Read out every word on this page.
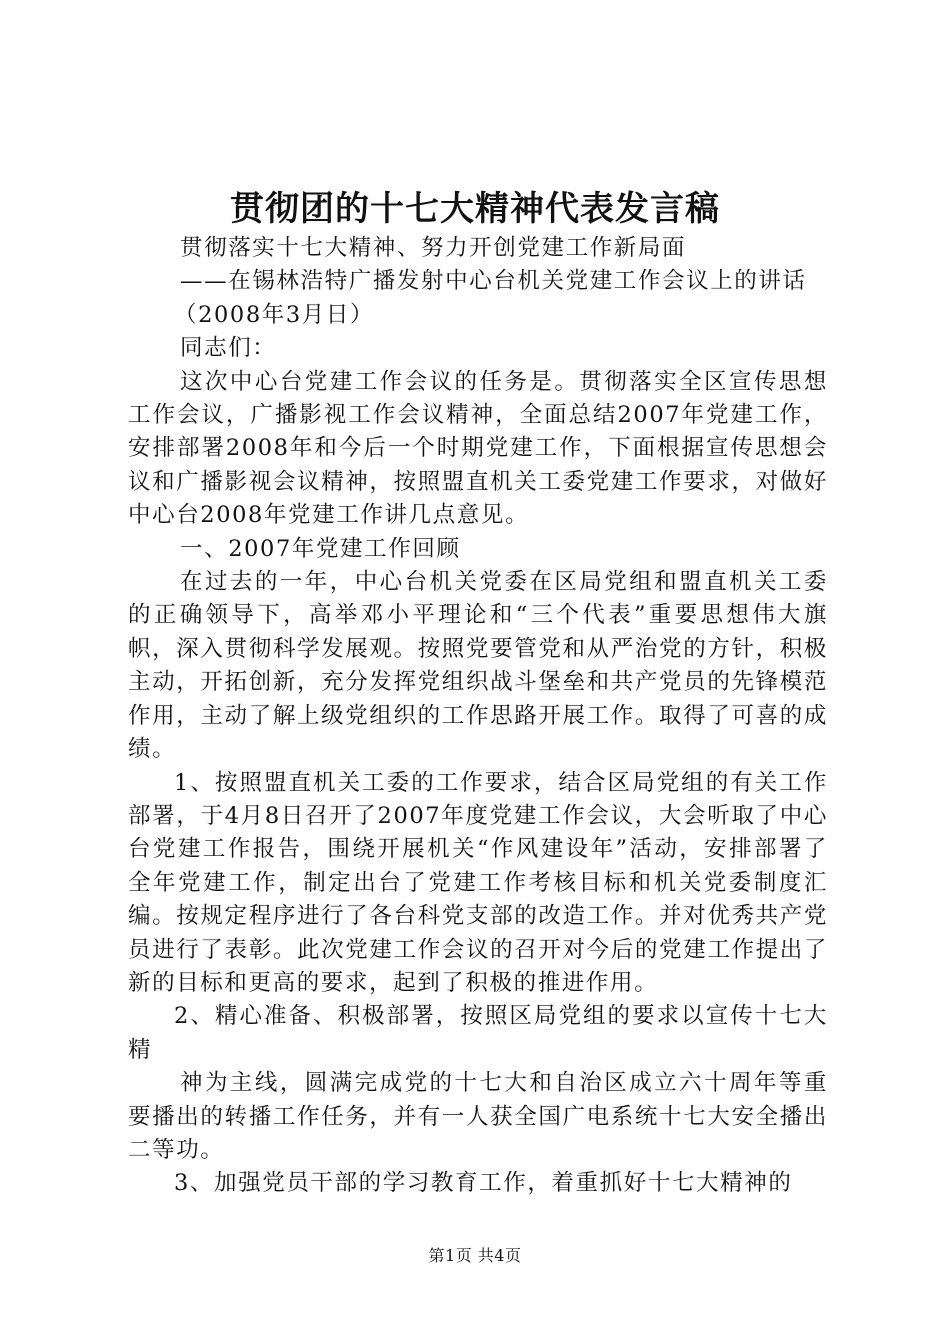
贯彻团的十七大精神代表发言稿

贯彻落实十七大精神、努力开创党建工作新局面

——在锡林浩特广播发射中心台机关党建工作会议上的讲话

（2008年3月日）

同志们：

这次中心台党建工作会议的任务是。贯彻落实全区宣传思想工作会议，广播影视工作会议精神，全面总结2007年党建工作，安排部署2008年和今后一个时期党建工作，下面根据宣传思想会议和广播影视会议精神，按照盟直机关工委党建工作要求，对做好中心台2008年党建工作讲几点意见。

一、2007年党建工作回顾

在过去的一年，中心台机关党委在区局党组和盟直机关工委的正确领导下，高举邓小平理论和“三个代表”重要思想伟大旗帜，深入贯彻科学发展观。按照党要管党和从严治党的方针，积极主动，开拓创新，充分发挥党组织战斗堡垒和共产党员的先锋模范作用，主动了解上级党组织的工作思路开展工作。取得了可喜的成绩。

1、按照盟直机关工委的工作要求，结合区局党组的有关工作部署，于4月8日召开了2007年度党建工作会议，大会听取了中心台党建工作报告，围绕开展机关“作风建设年”活动，安排部署了全年党建工作，制定出台了党建工作考核目标和机关党委制度汇编。按规定程序进行了各台科党支部的改造工作。并对优秀共产党员进行了表彰。此次党建工作会议的召开对今后的党建工作提出了新的目标和更高的要求，起到了积极的推进作用。

2、精心准备、积极部署，按照区局党组的要求以宣传十七大精

神为主线，圆满完成党的十七大和自治区成立六十周年等重要播出的转播工作任务，并有一人获全国广电系统十七大安全播出二等功。

3、加强党员干部的学习教育工作，着重抓好十七大精神的

第1页 共4页
